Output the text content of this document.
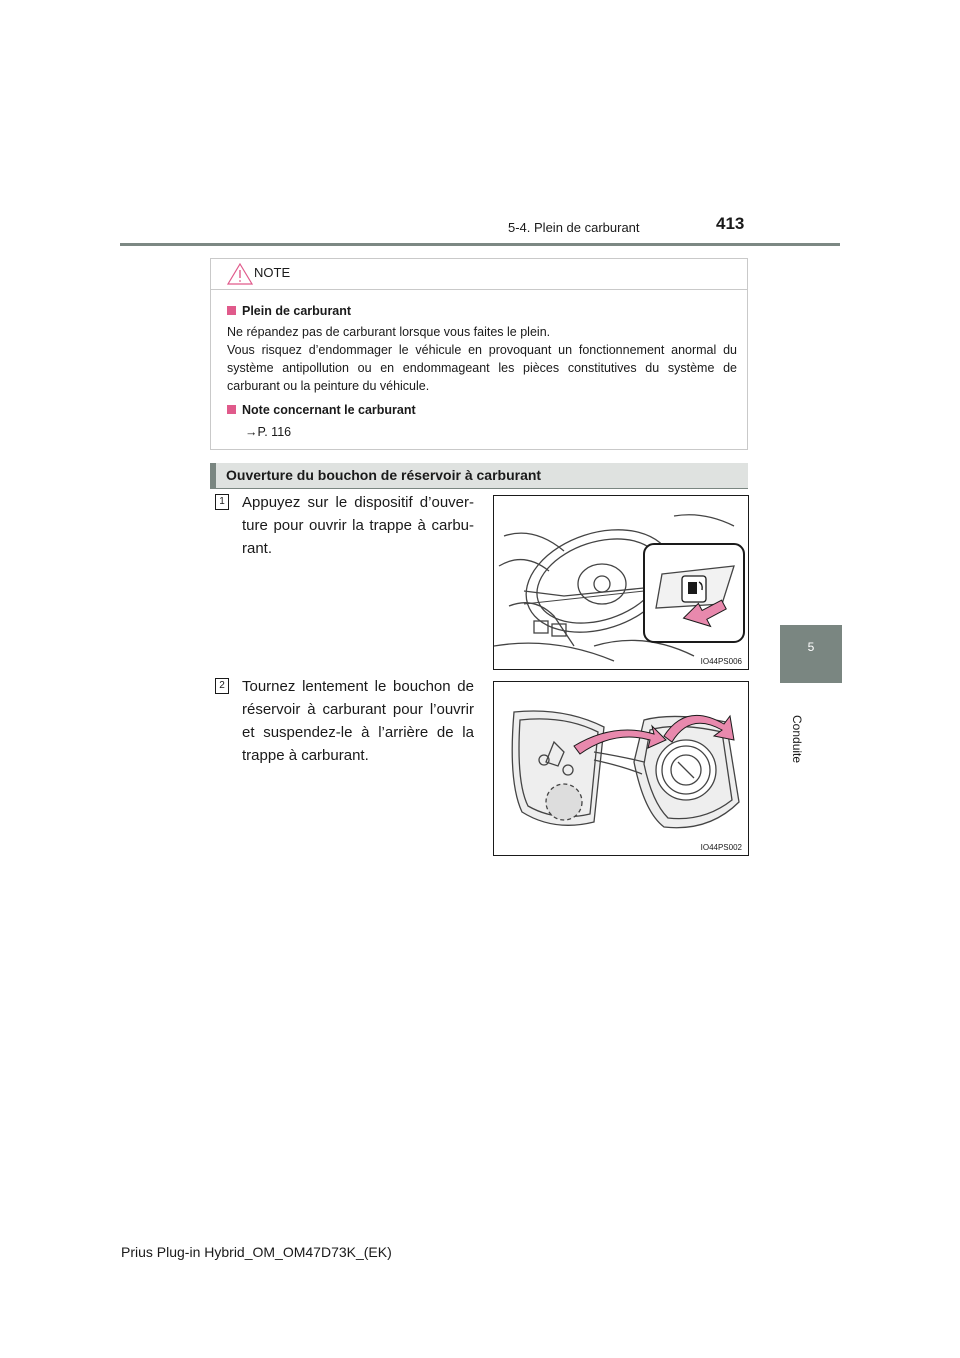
5-4. Plein de carburant	413
5
Conduite
NOTE
Plein de carburant
Ne répandez pas de carburant lorsque vous faites le plein.
Vous risquez d’endommager le véhicule en provoquant un fonctionnement anormal du système antipollution ou en endommageant les pièces constitutives du système de carburant ou la peinture du véhicule.
Note concernant le carburant
→P. 116
Ouverture du bouchon de réservoir à carburant
1 Appuyez sur le dispositif d’ouver-ture pour ouvrir la trappe à carbu-rant.
IO44PS006
2 Tournez lentement le bouchon de réservoir à carburant pour l’ouvrir et suspendez-le à l’arrière de la trappe à carburant.
IO44PS002
Prius Plug-in Hybrid_OM_OM47D73K_(EK)
